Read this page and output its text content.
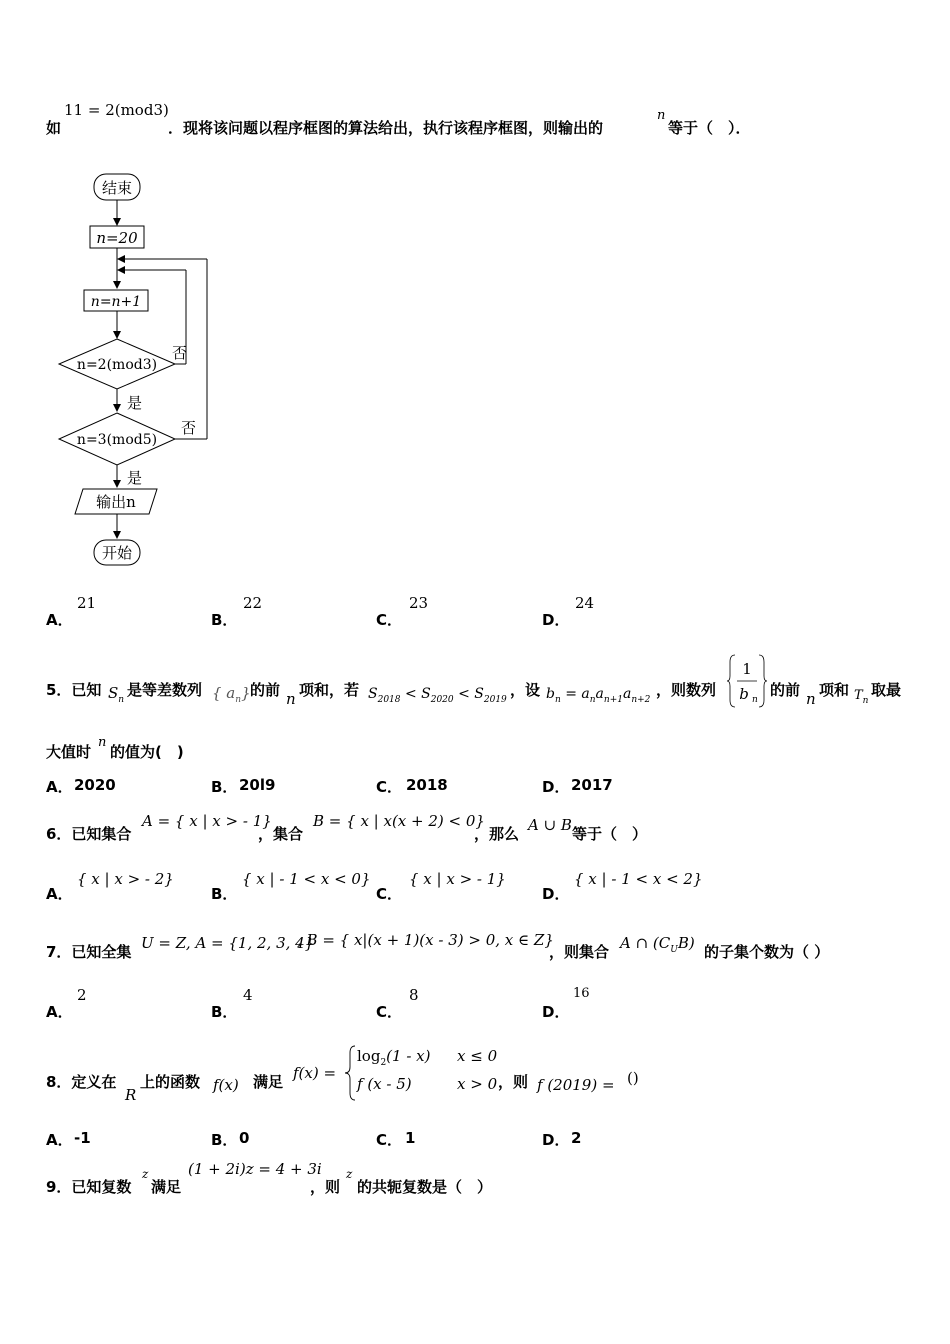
如
11 = 2(mod3)
．现将该问题以程序框图的算法给出，执行该程序框图，则输出的
n
等于（　）．
结束
n=20
n=n+1
n=2(mod3)
否
是
n=3(mod5)
否
是
输出n
开始
A．
21
B．
22
C．
23
D．
24
5．已知 $S_n$
是等差数列 { $a_n$} 的前 n 项和，若 $S_{2018} < S_{2020} < S_{2019}$
，设 $b_n = a_na_{n+1}a_{n+2}$
，则数列
1
b n
的前 n 项和 $T_n$
取最
大值时
n
的值为(　)
A． 2020	B． 20l9	C． 2018	D． 2017
6．已知集合
A = { x | x > - 1}
，集合
B = { x | x(x + 2) < 0}
，那么 A ∪ B 等于（　）
A．
{ x | x > - 2}
B．
{ x | - 1 < x < 0}
C．
{ x | x > - 1}
D．
{ x | - 1 < x < 2}
7．已知全集 U = Z, A = {1, 2, 3, 4}
, B = { x|(x + 1)(x - 3) > 0, x ∈ Z}
，则集合 A ∩ $(C_UB)$ 的子集个数为（ ）
A．
2
B．
4
C．
8
D．
16
8．定义在
R
上的函数 f(x) 满足 f(x) =
$\log_2(1 - x) x \le 0$
f (x - 5)	x > 0 ，则 f (2019) = ()
A． -1	B． 0	C． 1	D． 2
9．已知复数
z
满足
(1 + 2i)z = 4 + 3i
，则
z
的共轭复数是（　）
